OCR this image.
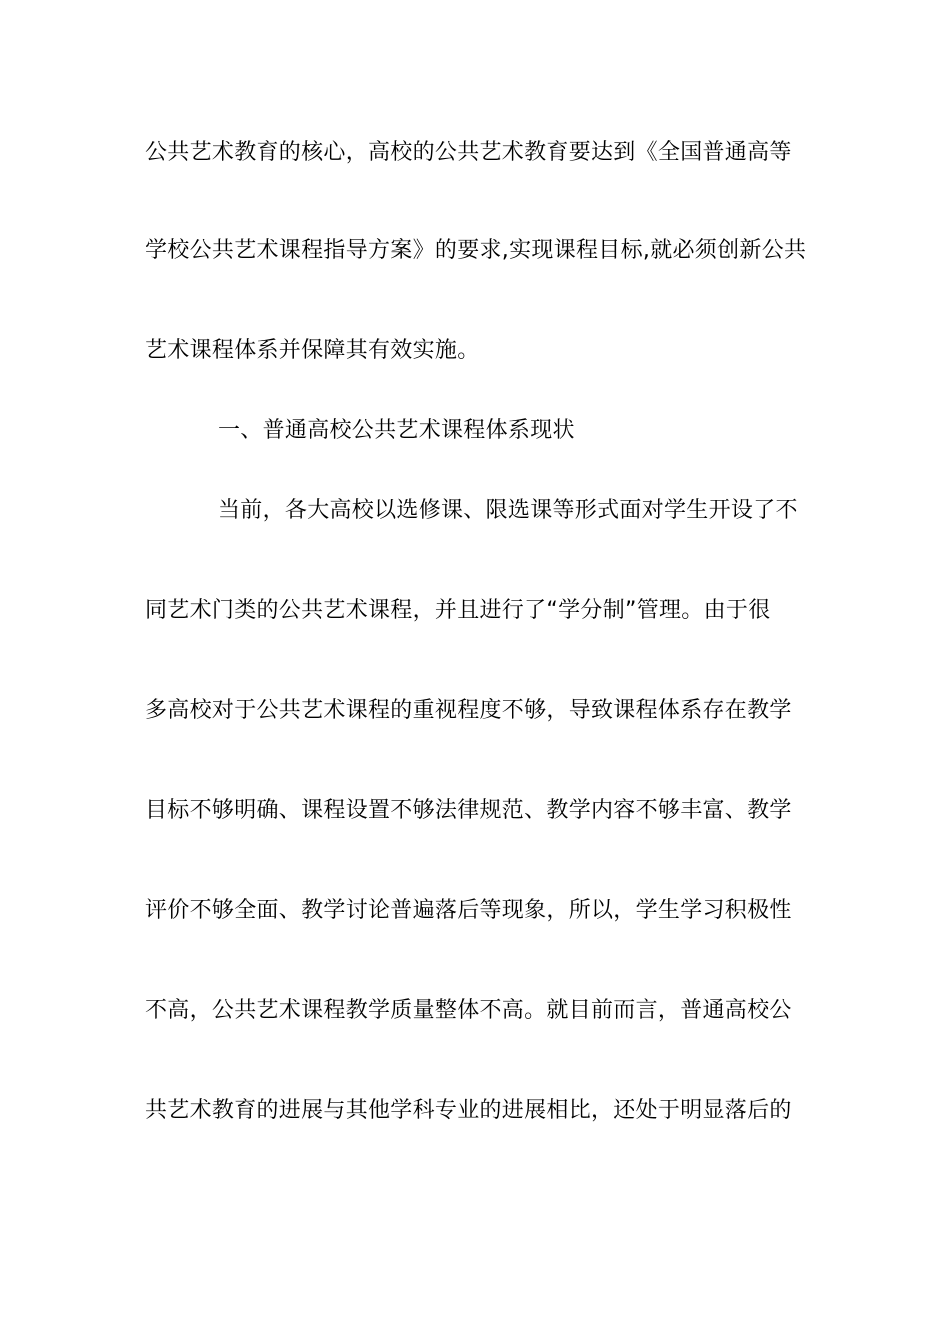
公共艺术教育的核心，高校的公共艺术教育要达到《全国普通高等
学校公共艺术课程指导方案》的要求,实现课程目标,就必须创新公共
艺术课程体系并保障其有效实施。
一、普通高校公共艺术课程体系现状
当前，各大高校以选修课、限选课等形式面对学生开设了不
同艺术门类的公共艺术课程，并且进行了“学分制”管理。由于很
多高校对于公共艺术课程的重视程度不够，导致课程体系存在教学
目标不够明确、课程设置不够法律规范、教学内容不够丰富、教学
评价不够全面、教学讨论普遍落后等现象，所以，学生学习积极性
不高，公共艺术课程教学质量整体不高。就目前而言，普通高校公
共艺术教育的进展与其他学科专业的进展相比，还处于明显落后的
